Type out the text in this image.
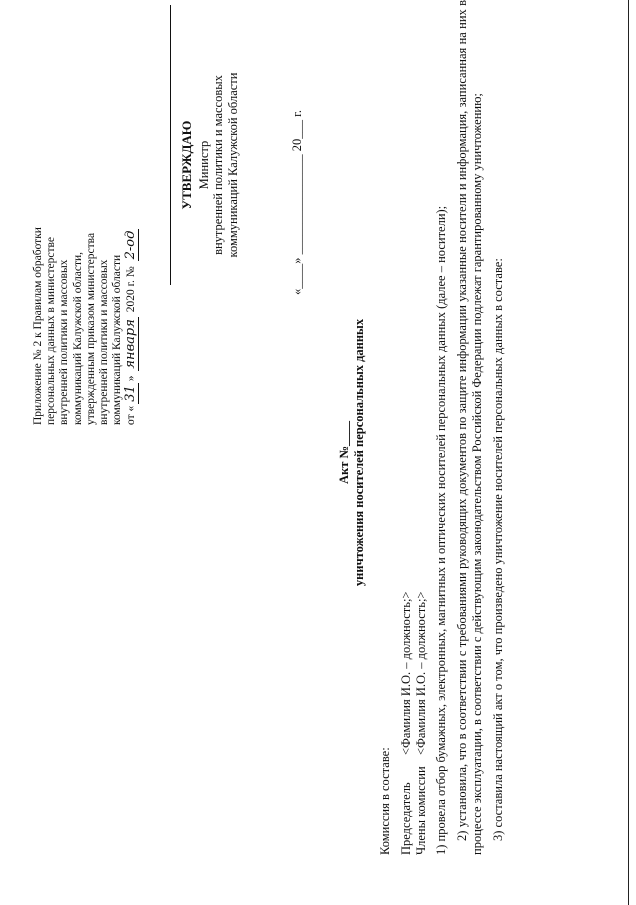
Приложение № 2 к Правилам обработки персональных данных в министерстве внутренней политики и массовых коммуникаций Калужской области, утвержденным приказом министерства внутренней политики и массовых коммуникаций Калужской области от «31» января 2020 г. № 2-од
УТВЕРЖДАЮ Министр внутренней политики и массовых коммуникаций Калужской области	«____» ________________ 20___ г.
Акт №____ уничтожения носителей персональных данных

Комиссия в составе: Председатель
<Фамилия И.О. – должность;>
Члены комиссии
<Фамилия И.О. – должность;> 1) провела отбор бумажных, электронных, магнитных и оптических носителей персональных данных (далее – носители); 2) установила, что в соответствии с требованиями руководящих документов по защите информации указанные носители и информация, записанная на них в процессе эксплуатации, в соответствии с действующим законодательством Российской Федерации подлежат гарантированному уничтожению; 3) составила настоящий акт о том, что произведено уничтожение носителей персональных данных в составе:
